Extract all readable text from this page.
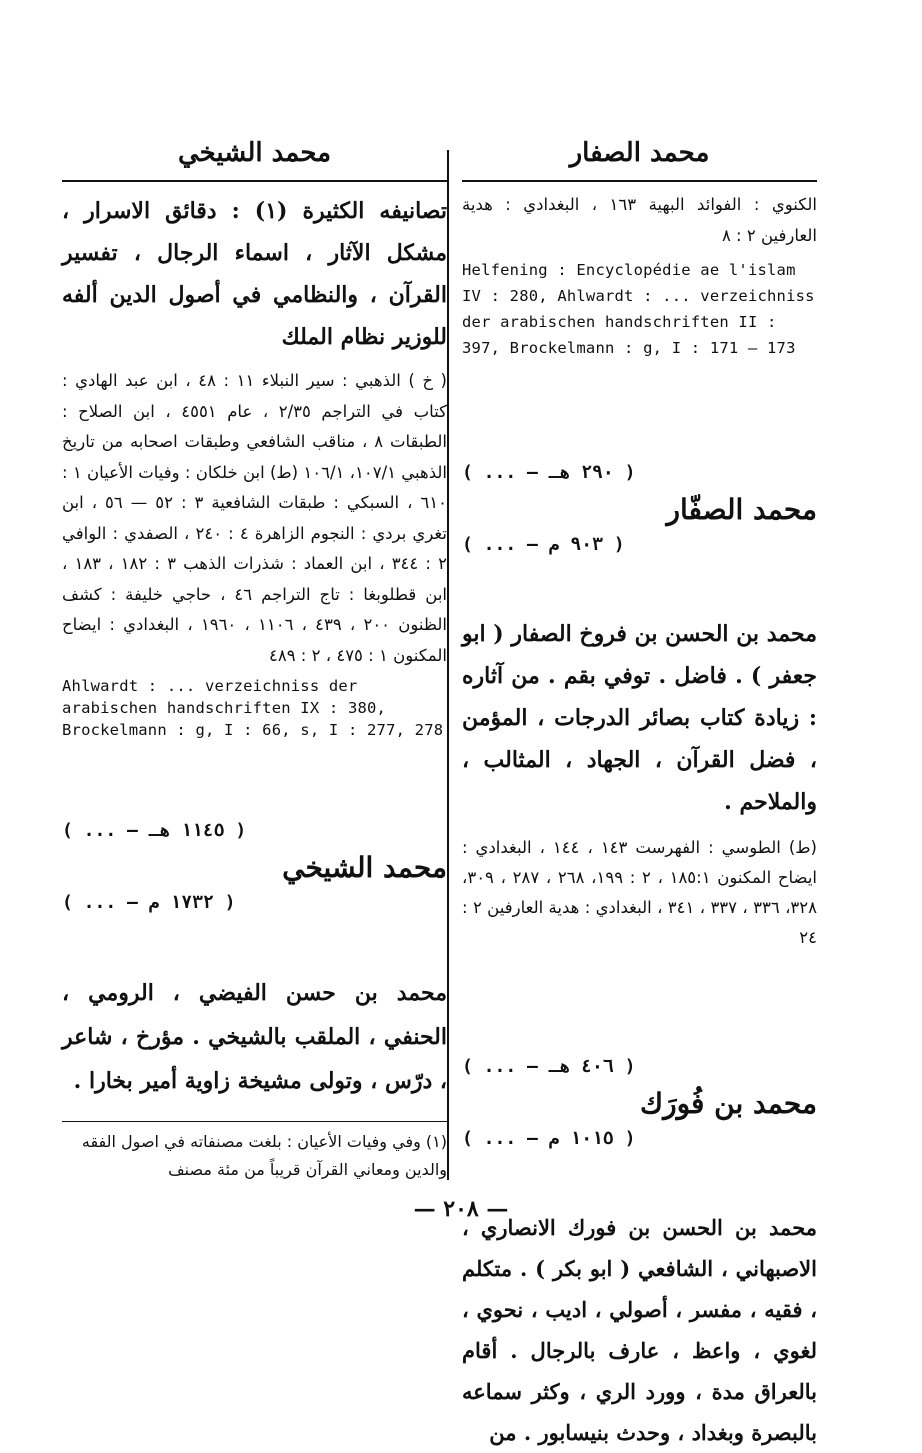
محمد الصفار

الكنوي : الفوائد البهية ١٦٣ ، البغدادي : هدية العارفين ٢ : ٨

Helfening : Encyclopédie ae l'islam IV : 280, Ahlwardt : ... verzeichniss der arabischen handschriften II : 397, Brockelmann : g, I : 171 — 173

محمد الصفّار

( ... — ٢٩٠ هـ )

( ... — ٩٠٣ م )

محمد بن الحسن بن فروخ الصفار ( ابو جعفر ) . فاضل . توفي بقم . من آثاره : زيادة كتاب بصائر الدرجات ، المؤمن ، فضل القرآن ، الجهاد ، المثالب ، والملاحم .

(ط) الطوسي : الفهرست ١٤٣ ، ١٤٤ ، البغدادي : ايضاح المكنون ١٨٥:١ ، ٢ : ١٩٩، ٢٦٨ ، ٢٨٧ ، ٣٠٩، ٣٢٨، ٣٣٦ ، ٣٣٧ ، ٣٤١ ، البغدادي : هدية العارفين ٢ : ٢٤

محمد بن فُورَك

( ... — ٤٠٦ هـ )

( ... — ١٠١٥ م )

محمد بن الحسن بن فورك الانصاري ، الاصبهاني ، الشافعي ( ابو بكر ) . متكلم ، فقيه ، مفسر ، أصولي ، اديب ، نحوي ، لغوي ، واعظ ، عارف بالرجال . أقام بالعراق مدة ، وورد الري ، وكثر سماعه بالبصرة وبغداد ، وحدث بنيسابور . من

محمد الشيخي

تصانيفه الكثيرة (١) : دقائق الاسرار ، مشكل الآثار ، اسماء الرجال ، تفسير القرآن ، والنظامي في أصول الدين ألفه للوزير نظام الملك

( خ ) الذهبي : سير النبلاء ١١ : ٤٨ ، ابن عبد الهادي : كتاب في التراجم ٢/٣٥ ، عام ٤٥٥١ ، ابن الصلاح : الطبقات ٨ ، مناقب الشافعي وطبقات اصحابه من تاريخ الذهبي ١٠٧/١، ١٠٦/١ (ط) ابن خلكان : وفيات الأعيان ١ : ٦١٠ ، السبكي : طبقات الشافعية ٣ : ٥٢ — ٥٦ ، ابن تغري بردي : النجوم الزاهرة ٤ : ٢٤٠ ، الصفدي : الوافي ٢ : ٣٤٤ ، ابن العماد : شذرات الذهب ٣ : ١٨٢ ، ١٨٣ ، ابن قطلوبغا : تاج التراجم ٤٦ ، حاجي خليفة : كشف الظنون ٢٠٠ ، ٤٣٩ ، ١١٠٦ ، ١٩٦٠ ، البغدادي : ايضاح المكنون ١ : ٤٧٥ ، ٢ : ٤٨٩

Ahlwardt : ... verzeichniss der arabischen handschriften IX : 380, Brockelmann : g, I : 66, s, I : 277, 278

محمد الشيخي

( ... — ١١٤٥ هـ )

( ... — ١٧٣٢ م )

محمد بن حسن الفيضي ، الرومي ، الحنفي ، الملقب بالشيخي . مؤرخ ، شاعر ، درّس ، وتولى مشيخة زاوية أمير بخارا .

(١) وفي وفيات الأعيان : بلغت مصنفاته في اصول الفقه والدين ومعاني القرآن قريباً من مئة مصنف

— ٢٠٨ —
